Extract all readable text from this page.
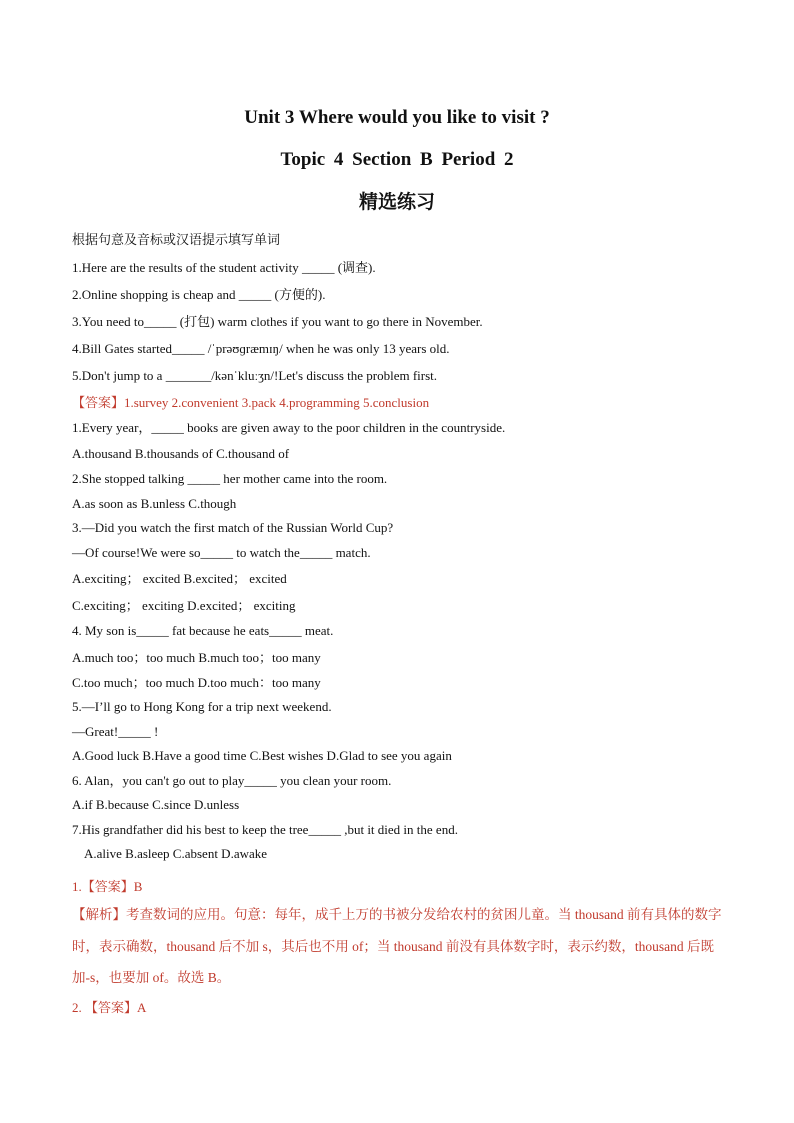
Unit 3 Where would you like to visit ?
Topic 4 Section B Period 2
精选练习
根据句意及音标或汉语提示填写单词
1.Here are the results of the student activity _____ (调查).
2.Online shopping is cheap and _____ (方便的).
3.You need to_____ (打包) warm clothes if you want to go there in November.
4.Bill Gates started_____ /ˈprəʊɡræmɪŋ/ when he was only 13 years old.
5.Don't jump to a _______/kənˈkluːʒn/!Let's discuss the problem first.
【答案】1.survey 2.convenient 3.pack 4.programming 5.conclusion
1.Every year，_____ books are given away to the poor children in the countryside.
A.thousand B.thousands of C.thousand of
2.She stopped talking _____ her mother came into the room.
A.as soon as B.unless C.though
3.—Did you watch the first match of the Russian World Cup?
—Of course!We were so_____ to watch the_____ match.
A.exciting； excited B.excited； excited
C.exciting； exciting D.excited； exciting
4. My son is_____ fat because he eats_____ meat.
A.much too；too much B.much too；too many
C.too much；too much D.too much：too many
5.—I’ll go to Hong Kong for a trip next weekend.
—Great!_____ !
A.Good luck B.Have a good time C.Best wishes D.Glad to see you again
6. Alan，you can't go out to play_____ you clean your room.
A.if B.because C.since D.unless
7.His grandfather did his best to keep the tree_____ ,but it died in the end.
A.alive B.asleep C.absent D.awake
1.【答案】B
【解析】考查数词的应用。句意：每年，成千上万的书被分发给农村的贫困儿童。当 thousand 前有具体的数字时，表示确数，thousand 后不加 s，其后也不用 of；当 thousand 前没有具体数字时，表示约数，thousand 后既加-s，也要加 of。故选 B。
2. 【答案】A
